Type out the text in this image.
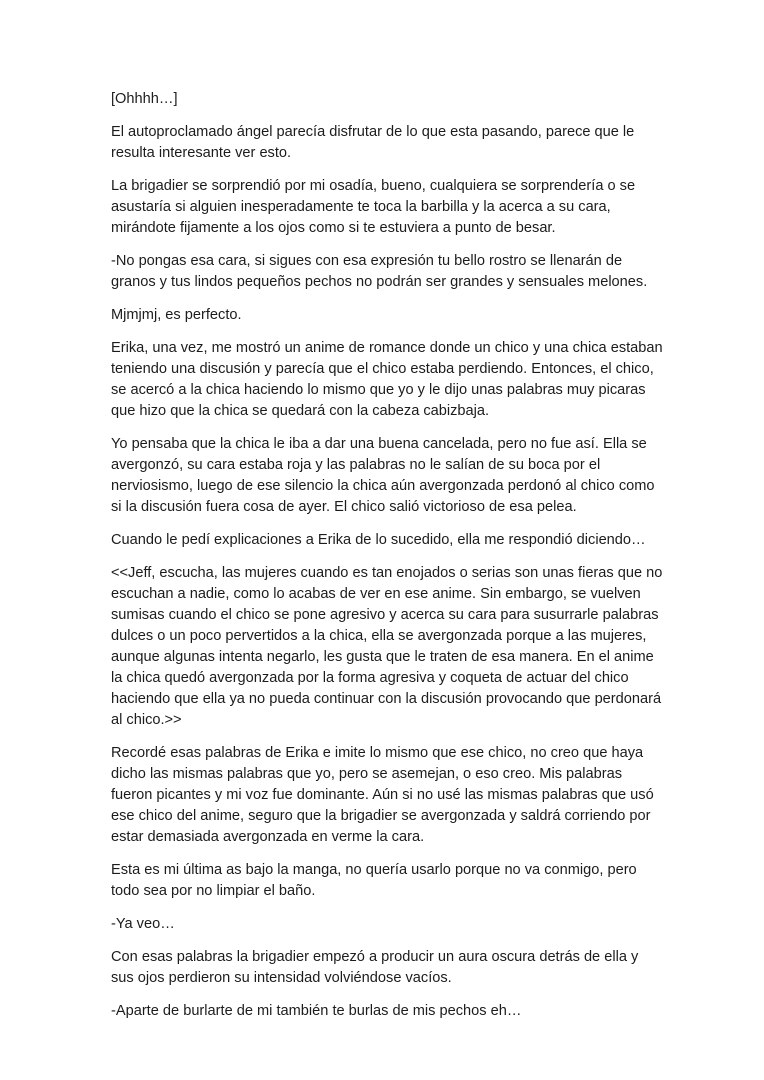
[Ohhhh…]

El autoproclamado ángel parecía disfrutar de lo que esta pasando, parece que le resulta interesante ver esto.

La brigadier se sorprendió por mi osadía, bueno, cualquiera se sorprendería o se asustaría si alguien inesperadamente te toca la barbilla y la acerca a su cara, mirándote fijamente a los ojos como si te estuviera a punto de besar.

-No pongas esa cara, si sigues con esa expresión tu bello rostro se llenarán de granos y tus lindos pequeños pechos no podrán ser grandes y sensuales melones.

Mjmjmj, es perfecto.

Erika, una vez, me mostró un anime de romance donde un chico y una chica estaban teniendo una discusión y parecía que el chico estaba perdiendo. Entonces, el chico, se acercó a la chica haciendo lo mismo que yo y le dijo unas palabras muy picaras que hizo que la chica se quedará con la cabeza cabizbaja.

Yo pensaba que la chica le iba a dar una buena cancelada, pero no fue así. Ella se avergonzó, su cara estaba roja y las palabras no le salían de su boca por el nerviosismo, luego de ese silencio la chica aún avergonzada perdonó al chico como si la discusión fuera cosa de ayer. El chico salió victorioso de esa pelea.

Cuando le pedí explicaciones a Erika de lo sucedido, ella me respondió diciendo…

<<Jeff, escucha, las mujeres cuando es tan enojados o serias son unas fieras que no escuchan a nadie, como lo acabas de ver en ese anime. Sin embargo, se vuelven sumisas cuando el chico se pone agresivo y acerca su cara para susurrarle palabras dulces o un poco pervertidos a la chica, ella se avergonzada porque a las mujeres, aunque algunas intenta negarlo, les gusta que le traten de esa manera. En el anime la chica quedó avergonzada por la forma agresiva y coqueta de actuar del chico haciendo que ella ya no pueda continuar con la discusión provocando que perdonará al chico.>>

Recordé esas palabras de Erika e imite lo mismo que ese chico, no creo que haya dicho las mismas palabras que yo, pero se asemejan, o eso creo. Mis palabras fueron picantes y mi voz fue dominante. Aún si no usé las mismas palabras que usó ese chico del anime, seguro que la brigadier se avergonzada y saldrá corriendo por estar demasiada avergonzada en verme la cara.

Esta es mi última as bajo la manga, no quería usarlo porque no va conmigo, pero todo sea por no limpiar el baño.

-Ya veo…

Con esas palabras la brigadier empezó a producir un aura oscura detrás de ella y sus ojos perdieron su intensidad volviéndose vacíos.

-Aparte de burlarte de mi también te burlas de mis pechos eh…
